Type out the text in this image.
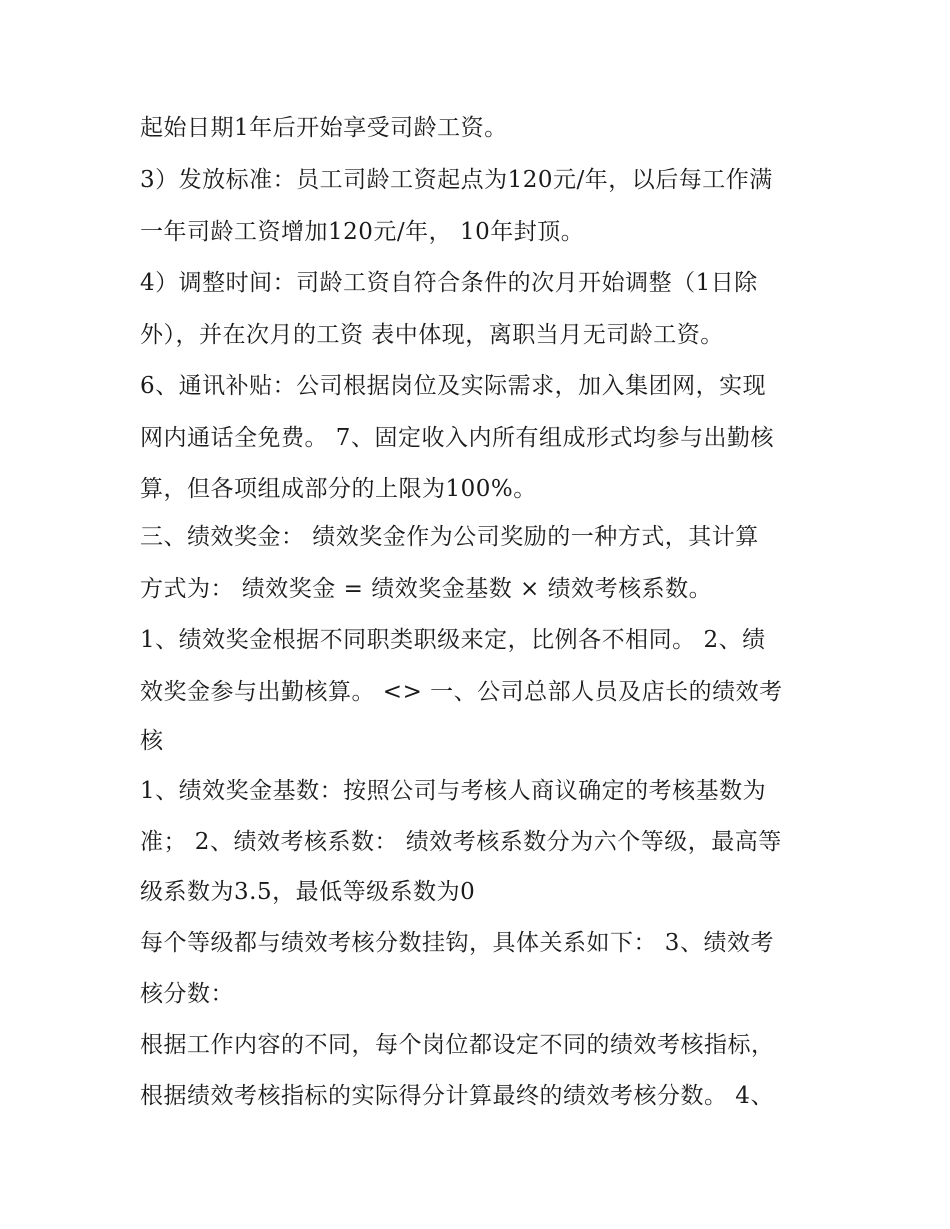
起始日期1年后开始享受司龄工资。
3）发放标准：员工司龄工资起点为120元/年，以后每工作满
一年司龄工资增加120元/年， 10年封顶。
4）调整时间：司龄工资自符合条件的次月开始调整（1日除
外），并在次月的工资 表中体现，离职当月无司龄工资。
6、通讯补贴：公司根据岗位及实际需求，加入集团网，实现
网内通话全免费。 7、固定收入内所有组成形式均参与出勤核
算，但各项组成部分的上限为100%。
三、绩效奖金： 绩效奖金作为公司奖励的一种方式，其计算
方式为： 绩效奖金 = 绩效奖金基数 × 绩效考核系数。
1、绩效奖金根据不同职类职级来定，比例各不相同。 2、绩
效奖金参与出勤核算。 <> 一、公司总部人员及店长的绩效考
核
1、绩效奖金基数：按照公司与考核人商议确定的考核基数为
准； 2、绩效考核系数： 绩效考核系数分为六个等级，最高等
级系数为3.5，最低等级系数为0
每个等级都与绩效考核分数挂钩，具体关系如下： 3、绩效考
核分数：
根据工作内容的不同，每个岗位都设定不同的绩效考核指标，
根据绩效考核指标的实际得分计算最终的绩效考核分数。 4、
